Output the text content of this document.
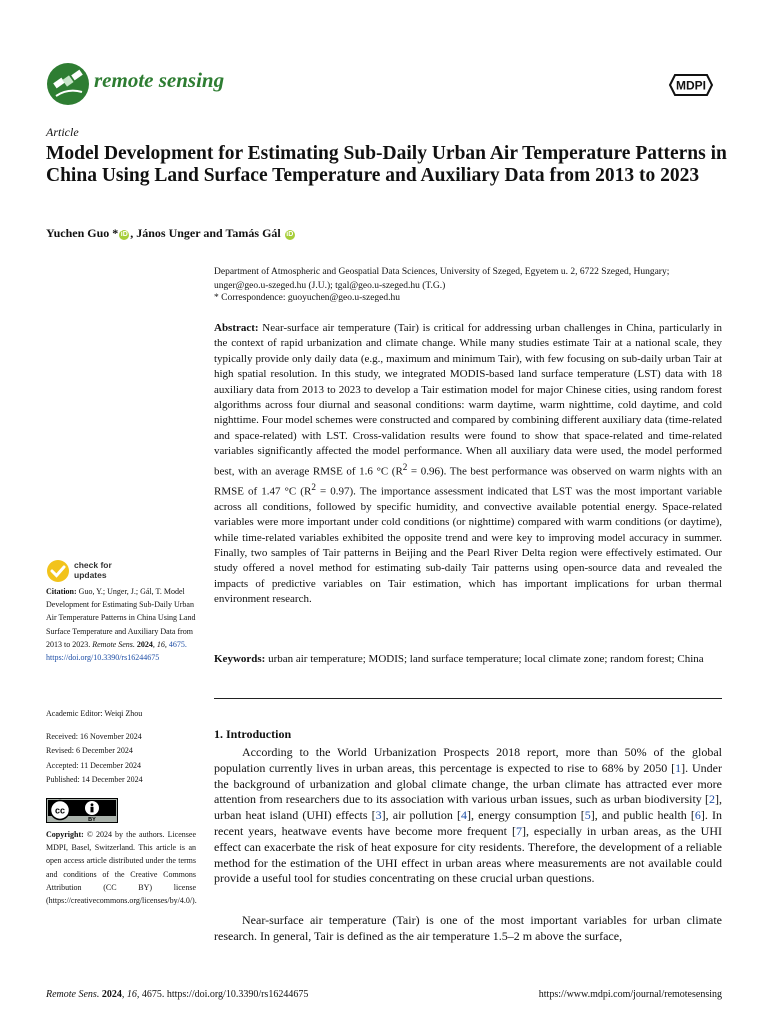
remote sensing	MDPI
Article
Model Development for Estimating Sub-Daily Urban Air Temperature Patterns in China Using Land Surface Temperature and Auxiliary Data from 2013 to 2023
Yuchen Guo * iD , János Unger and Tamás Gál iD
Department of Atmospheric and Geospatial Data Sciences, University of Szeged, Egyetem u. 2, 6722 Szeged, Hungary; unger@geo.u-szeged.hu (J.U.); tgal@geo.u-szeged.hu (T.G.)
* Correspondence: guoyuchen@geo.u-szeged.hu
Abstract: Near-surface air temperature (Tair) is critical for addressing urban challenges in China, particularly in the context of rapid urbanization and climate change. While many studies estimate Tair at a national scale, they typically provide only daily data (e.g., maximum and minimum Tair), with few focusing on sub-daily urban Tair at high spatial resolution. In this study, we integrated MODIS-based land surface temperature (LST) data with 18 auxiliary data from 2013 to 2023 to develop a Tair estimation model for major Chinese cities, using random forest algorithms across four diurnal and seasonal conditions: warm daytime, warm nighttime, cold daytime, and cold nighttime. Four model schemes were constructed and compared by combining different auxiliary data (time-related and space-related) with LST. Cross-validation results were found to show that space-related and time-related variables significantly affected the model performance. When all auxiliary data were used, the model performed best, with an average RMSE of 1.6 °C $(R^2 = 0.96)$. The best performance was observed on warm nights with an RMSE of 1.47 °C $(R^2 = 0.97)$. The importance assessment indicated that LST was the most important variable across all conditions, followed by specific humidity, and convective available potential energy. Space-related variables were more important under cold conditions (or nighttime) compared with warm conditions (or daytime), while time-related variables exhibited the opposite trend and were key to improving model accuracy in summer. Finally, two samples of Tair patterns in Beijing and the Pearl River Delta region were effectively estimated. Our study offered a novel method for estimating sub-daily Tair patterns using open-source data and revealed the impacts of predictive variables on Tair estimation, which has important implications for urban thermal environment research.
Keywords: urban air temperature; MODIS; land surface temperature; local climate zone; random forest; China
check for
updates
Citation: Guo, Y.; Unger, J.; Gál, T. Model Development for Estimating Sub-Daily Urban Air Temperature Patterns in China Using Land Surface Temperature and Auxiliary Data from 2013 to 2023. Remote Sens. 2024, 16, 4675. https://doi.org/10.3390/rs16244675
Academic Editor: Weiqi Zhou
Received: 16 November 2024
Revised: 6 December 2024
Accepted: 11 December 2024
Published: 14 December 2024
cc
BY
Copyright: © 2024 by the authors. Licensee MDPI, Basel, Switzerland. This article is an open access article distributed under the terms and conditions of the Creative Commons Attribution (CC BY) license (https://creativecommons.org/licenses/by/4.0/).
1. Introduction
According to the World Urbanization Prospects 2018 report, more than 50% of the global population currently lives in urban areas, this percentage is expected to rise to 68% by 2050 [1]. Under the background of urbanization and global climate change, the urban climate has attracted ever more attention from researchers due to its association with various urban issues, such as urban biodiversity [2], urban heat island (UHI) effects [3], air pollution [4], energy consumption [5], and public health [6]. In recent years, heatwave events have become more frequent [7], especially in urban areas, as the UHI effect can exacerbate the risk of heat exposure for city residents. Therefore, the development of a reliable method for the estimation of the UHI effect in urban areas where measurements are not available could provide a useful tool for studies concentrating on these crucial urban questions.
Near-surface air temperature (Tair) is one of the most important variables for urban climate research. In general, Tair is defined as the air temperature 1.5–2 m above the surface,
Remote Sens. 2024, 16, 4675. https://doi.org/10.3390/rs16244675	https://www.mdpi.com/journal/remotesensing
